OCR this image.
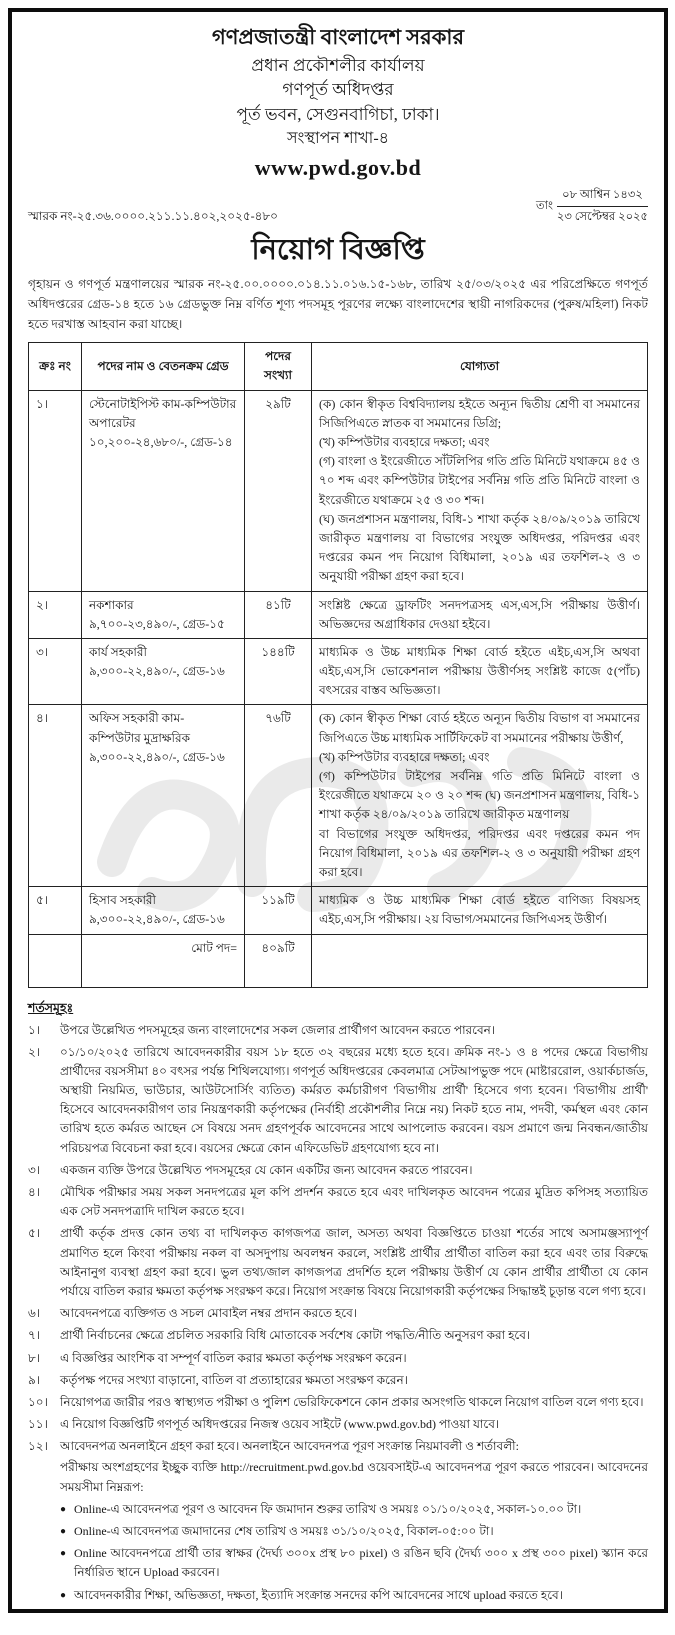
গণপ্রজাতন্ত্রী বাংলাদেশ সরকার
প্রধান প্রকৌশলীর কার্যালয়
গণপূর্ত অধিদপ্তর
পূর্ত ভবন, সেগুনবাগিচা, ঢাকা।
সংস্থাপন শাখা-৪
www.pwd.gov.bd
স্মারক নং-২৫.৩৬.০০০০.২১১.১১.৪০২,২০২৫-৪৮০
তাং
০৮ আশ্বিন ১৪৩২
২৩ সেপ্টেম্বর ২০২৫
নিয়োগ বিজ্ঞপ্তি
গৃহায়ন ও গণপূর্ত মন্ত্রণালয়ের স্মারক নং-২৫.০০.০০০০.০১৪.১১.০১৬.১৫-১৬৮, তারিখ ২৫/০৩/২০২৫ এর পরিপ্রেক্ষিতে গণপূর্ত অধিদপ্তরের গ্রেড-১৪ হতে ১৬ গ্রেডভুক্ত নিম্ন বর্ণিত শূণ্য পদসমূহ পূরণের লক্ষ্যে বাংলাদেশের স্থায়ী নাগরিকদের (পুরুষ/মহিলা) নিকট হতে দরখাস্ত আহবান করা যাচ্ছে।
ক্রঃ নং	পদের নাম ও বেতনক্রম গ্রেড	পদের সংখ্যা	যোগ্যতা
১।	স্টেনোটাইপিস্ট কাম-কম্পিউটার
অপারেটর
১০,২০০-২৪,৬৮০/-, গ্রেড-১৪
	২৯টি	(ক) কোন স্বীকৃত বিশ্ববিদ্যালয় হইতে অন্যূন দ্বিতীয় শ্রেণী বা সমমানের সিজিপিএতে স্নাতক বা সমমানের ডিগ্রি;
(খ) কম্পিউটার ব্যবহারে দক্ষতা; এবং
(গ) বাংলা ও ইংরেজীতে সাঁটলিপির গতি প্রতি মিনিটে যথাক্রমে ৪৫ ও ৭০ শব্দ এবং কম্পিউটার টাইপের সর্বনিম্ন গতি প্রতি মিনিটে বাংলা ও ইংরেজীতে যথাক্রমে ২৫ ও ৩০ শব্দ।
(ঘ) জনপ্রশাসন মন্ত্রণালয়, বিধি-১ শাখা কর্তৃক ২৪/০৯/২০১৯ তারিখে জারীকৃত মন্ত্রণালয় বা বিভাগের সংযুক্ত অধিদপ্তর, পরিদপ্তর এবং দপ্তরের কমন পদ নিয়োগ বিধিমালা, ২০১৯ এর তফশিল-২ ও ৩ অনুযায়ী পরীক্ষা গ্রহণ করা হবে।

২।	নকশাকার
৯,৭০০-২৩,৪৯০/-, গ্রেড-১৫	৪১টি	সংশ্লিষ্ট ক্ষেত্রে ড্রাফটিং সনদপত্রসহ এস,এস,সি পরীক্ষায় উত্তীর্ণ। অভিজ্ঞদের অগ্রাধিকার দেওয়া হইবে।

৩।	কার্য সহকারী
৯,৩০০-২২,৪৯০/-, গ্রেড-১৬	১৪৪টি	মাধ্যমিক ও উচ্চ মাধ্যমিক শিক্ষা বোর্ড হইতে এইচ,এস,সি অথবা এইচ,এস,সি ভোকেশনাল পরীক্ষায় উত্তীর্ণসহ সংশ্লিষ্ট কাজে ৫(পাঁচ) বৎসরের বাস্তব অভিজ্ঞতা।

৪।	অফিস সহকারী কাম-
কম্পিউটার মুদ্রাক্ষরিক
৯,৩০০-২২,৪৯০/-, গ্রেড-১৬
	৭৬টি	(ক) কোন স্বীকৃত শিক্ষা বোর্ড হইতে অন্যূন দ্বিতীয় বিভাগ বা সমমানের জিপিএতে উচ্চ মাধ্যমিক সার্টিফিকেট বা সমমানের পরীক্ষায় উত্তীর্ণ,
(খ) কম্পিউটার ব্যবহারে দক্ষতা; এবং
(গ) কম্পিউটার টাইপের সর্বনিম্ন গতি প্রতি মিনিটে বাংলা ও ইংরেজীতে যথাক্রমে ২০ ও ২০ শব্দ (ঘ) জনপ্রশাসন মন্ত্রণালয়, বিধি-১ শাখা কর্তৃক ২৪/০৯/২০১৯ তারিখে জারীকৃত মন্ত্রণালয়
বা বিভাগের সংযুক্ত অধিদপ্তর, পরিদপ্তর এবং দপ্তরের কমন পদ নিয়োগ বিধিমালা, ২০১৯ এর তফশিল-২ ও ৩ অনুযায়ী পরীক্ষা গ্রহণ করা হবে।

৫।	হিসাব সহকারী
৯,৩০০-২২,৪৯০/-, গ্রেড-১৬	১১৯টি	মাধ্যমিক ও উচ্চ মাধ্যমিক শিক্ষা বোর্ড হইতে বাণিজ্য বিষয়সহ এইচ,এস,সি পরীক্ষায়। ২য় বিভাগ/সমমানের জিপিএসহ উত্তীর্ণ।

	মোট পদ=	৪০৯টি	
শর্তসমূহঃ
১।	উপরে উল্লেখিত পদসমূহের জন্য বাংলাদেশের সকল জেলার প্রার্থীগণ আবেদন করতে পারবেন।
২।	০১/১০/২০২৫ তারিখে আবেদনকারীর বয়স ১৮ হতে ৩২ বছরের মধ্যে হতে হবে। ক্রমিক নং-১ ও ৪ পদের ক্ষেত্রে বিভাগীয় প্রার্থীদের বয়সসীমা ৪০ বৎসর পর্যন্ত শিথিলযোগ্য। গণপূর্ত অধিদপ্তরের কেবলমাত্র সেটআপভুক্ত পদে (মাষ্টাররোল, ওয়ার্কচার্জড, অস্থায়ী নিয়মিত, ভাউচার, আউটসোর্সিং ব্যতিত) কর্মরত কর্মচারীগণ 'বিভাগীয় প্রার্থী' হিসেবে গণ্য হবেন। 'বিভাগীয় প্রার্থী' হিসেবে আবেদনকারীগণ তার নিয়ন্ত্রণকারী কর্তৃপক্ষের (নির্বাহী প্রকৌশলীর নিম্নে নয়) নিকট হতে নাম, পদবী, 'কর্মস্থল এবং কোন তারিখ হতে কর্মরত আছেন সে বিষয়ে সনদ গ্রহণপূর্বক আবেদনের সাথে আপলোড করবেন। বয়স প্রমাণে জন্ম নিবন্ধন/জাতীয় পরিচয়পত্র বিবেচনা করা হবে। বয়সের ক্ষেত্রে কোন এফিডেভিট গ্রহণযোগ্য হবে না।
৩।	একজন ব্যক্তি উপরে উল্লেখিত পদসমূহের যে কোন একটির জন্য আবেদন করতে পারবেন।
৪।	মৌখিক পরীক্ষার সময় সকল সনদপত্রের মূল কপি প্রদর্শন করতে হবে এবং দাখিলকৃত আবেদন পত্রের মুদ্রিত কপিসহ সত্যায়িত এক সেট সনদপত্রাদি দাখিল করতে হবে।
৫।	প্রার্থী কর্তৃক প্রদত্ত কোন তথ্য বা দাখিলকৃত কাগজপত্র জাল, অসত্য অথবা বিজ্ঞপ্তিতে চাওয়া শর্তের সাথে অসামঞ্জস্যাপূর্ণ প্রমাণিত হলে কিংবা পরীক্ষায় নকল বা অসদুপায় অবলম্বন করলে, সংশ্লিষ্ট প্রার্থীর প্রার্থীতা বাতিল করা হবে এবং তার বিরুদ্ধে আইনানুগ ব্যবস্থা গ্রহণ করা হবে। ভুল তথ্য/জাল কাগজপত্র প্রদর্শিত হলে পরীক্ষায় উত্তীর্ণ যে কোন প্রার্থীর প্রার্থীতা যে কোন পর্যায়ে বাতিল করার ক্ষমতা কর্তৃপক্ষ সংরক্ষণ করে। নিয়োগ সংক্রান্ত বিষয়ে নিয়োগকারী কর্তৃপক্ষের সিদ্ধান্তই চূড়ান্ত বলে গণ্য হবে।
৬।	আবেদনপত্রে ব্যক্তিগত ও সচল মোবাইল নম্বর প্রদান করতে হবে।
৭।	প্রার্থী নির্বাচনের ক্ষেত্রে প্রচলিত সরকারি বিধি মোতাবেক সর্বশেষ কোটা পদ্ধতি/নীতি অনুসরণ করা হবে।
৮।	এ বিজ্ঞপ্তির আংশিক বা সম্পূর্ণ বাতিল করার ক্ষমতা কর্তৃপক্ষ সংরক্ষণ করেন।
৯।	কর্তৃপক্ষ পদের সংখ্যা বাড়ানো, বাতিল বা প্রত্যাহারের ক্ষমতা সংরক্ষণ করেন।
১০।	নিয়োগপত্র জারীর পরও স্বাস্থ্যগত পরীক্ষা ও পুলিশ ভেরিফিকেশনে কোন প্রকার অসংগতি থাকলে নিয়োগ বাতিল বলে গণ্য হবে।
১১।	এ নিয়োগ বিজ্ঞপ্তিটি গণপূর্ত অধিদপ্তরের নিজস্ব ওয়েব সাইটে (www.pwd.gov.bd) পাওয়া যাবে।
১২।	আবেদনপত্র অনলাইনে গ্রহণ করা হবে। অনলাইনে আবেদনপত্র পূরণ সংক্রান্ত নিয়মাবলী ও শর্তাবলী:
পরীক্ষায় অংশগ্রহণের ইচ্ছুক ব্যক্তি http://recruitment.pwd.gov.bd ওয়েবসাইট-এ আবেদনপত্র পূরণ করতে পারবেন। আবেদনের সময়সীমা নিম্নরূপ:
● Online-এ আবেদনপত্র পূরণ ও আবেদন ফি জমাদান শুরুর তারিখ ও সময়ঃ ০১/১০/২০২৫, সকাল-১০.০০ টা।
● Online-এ আবেদনপত্র জমাদানের শেষ তারিখ ও সময়ঃ ৩১/১০/২০২৫, বিকাল-০৫:০০ টা।
● Online আবেদনপত্রে প্রার্থী তার স্বাক্ষর (দৈর্ঘ্য ৩০০x প্রস্থ ৮০ pixel) ও রঙিন ছবি (দৈর্ঘ্য ৩০০ x প্রস্থ ৩০০ pixel) স্ক্যান করে নির্ধারিত স্থানে Upload করবেন।
● আবেদনকারীর শিক্ষা, অভিজ্ঞতা, দক্ষতা, ইত্যাদি সংক্রান্ত সনদের কপি আবেদনের সাথে upload করতে হবে।
